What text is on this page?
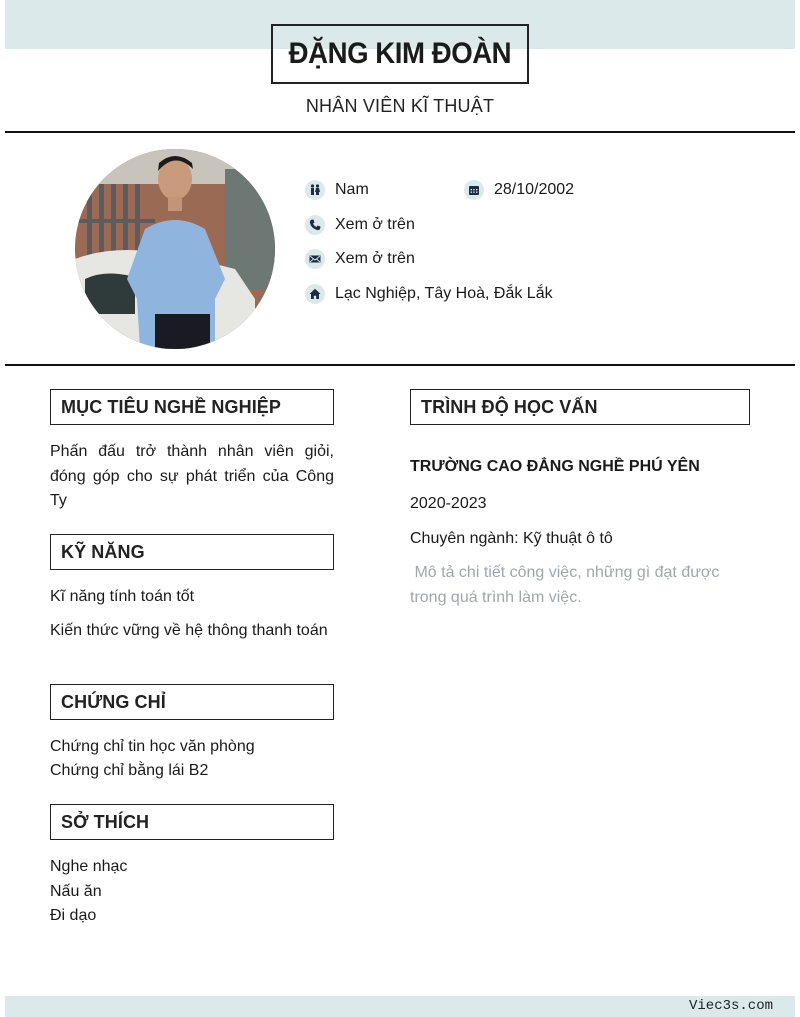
ĐẶNG KIM ĐOÀN
NHÂN VIÊN KĨ THUẬT
Nam	28/10/2002
Xem ở trên
Xem ở trên
Lạc Nghiệp, Tây Hoà, Đắk Lắk
MỤC TIÊU NGHỀ NGHIỆP
Phấn đấu trở thành nhân viên giỏi, đóng góp cho sự phát triển của Công Ty
KỸ NĂNG
Kĩ năng tính toán tốt
Kiến thức vững về hệ thông thanh toán
CHỨNG CHỈ
Chứng chỉ tin học văn phòng
Chứng chỉ bằng lái B2
SỞ THÍCH
Nghe nhạc
Nấu ăn
Đi dạo
TRÌNH ĐỘ HỌC VẤN
TRƯỜNG CAO ĐẲNG NGHỀ PHÚ YÊN
2020-2023
Chuyên ngành: Kỹ thuật ô tô
Mô tả chi tiết công việc, những gì đạt được trong quá trình làm việc.
Viec3s.com
